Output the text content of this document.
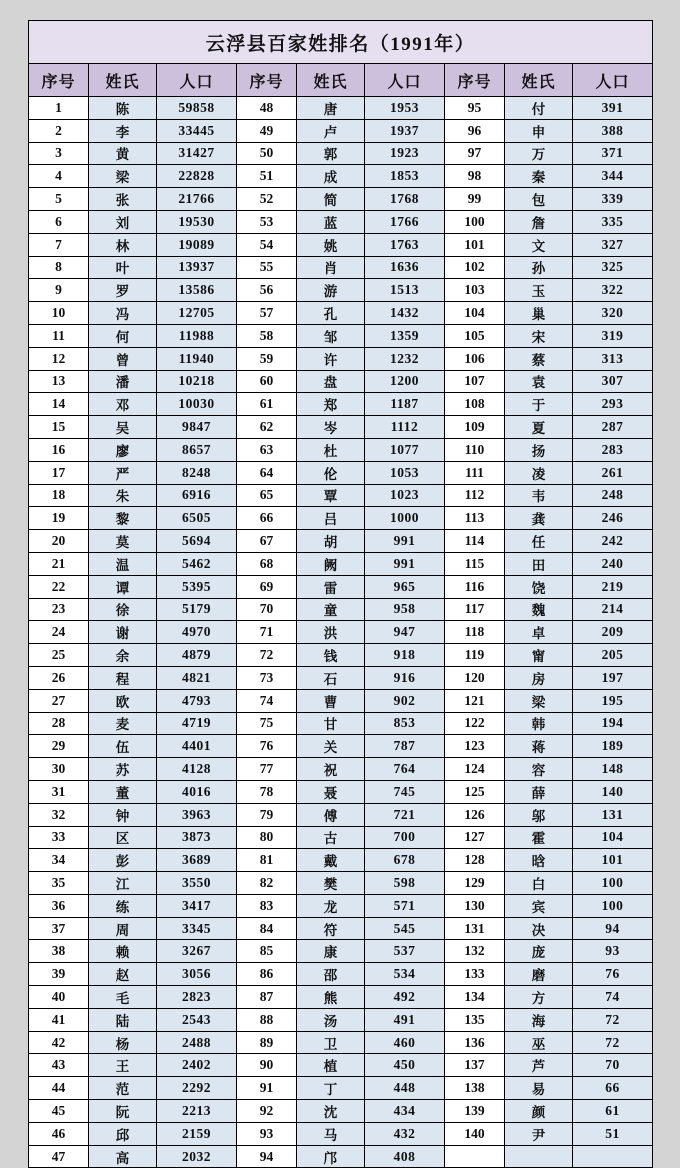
云浮县百家姓排名（1991年）								
序号	姓氏	人口	序号	姓氏	人口	序号	姓氏	人口
1	陈	59858	48	唐	1953	95	付	391
2	李	33445	49	卢	1937	96	申	388
3	黄	31427	50	郭	1923	97	万	371
4	梁	22828	51	成	1853	98	秦	344
5	张	21766	52	简	1768	99	包	339
6	刘	19530	53	蓝	1766	100	詹	335
7	林	19089	54	姚	1763	101	文	327
8	叶	13937	55	肖	1636	102	孙	325
9	罗	13586	56	游	1513	103	玉	322
10	冯	12705	57	孔	1432	104	巢	320
11	何	11988	58	邹	1359	105	宋	319
12	曾	11940	59	许	1232	106	蔡	313
13	潘	10218	60	盘	1200	107	袁	307
14	邓	10030	61	郑	1187	108	于	293
15	吴	9847	62	岑	1112	109	夏	287
16	廖	8657	63	杜	1077	110	扬	283
17	严	8248	64	伦	1053	111	凌	261
18	朱	6916	65	覃	1023	112	韦	248
19	黎	6505	66	吕	1000	113	龚	246
20	莫	5694	67	胡	991	114	任	242
21	温	5462	68	阙	991	115	田	240
22	谭	5395	69	雷	965	116	饶	219
23	徐	5179	70	童	958	117	魏	214
24	谢	4970	71	洪	947	118	卓	209
25	余	4879	72	钱	918	119	甯	205
26	程	4821	73	石	916	120	房	197
27	欧	4793	74	曹	902	121	梁	195
28	麦	4719	75	甘	853	122	韩	194
29	伍	4401	76	关	787	123	蒋	189
30	苏	4128	77	祝	764	124	容	148
31	董	4016	78	聂	745	125	薛	140
32	钟	3963	79	傅	721	126	邬	131
33	区	3873	80	古	700	127	霍	104
34	彭	3689	81	戴	678	128	晗	101
35	江	3550	82	樊	598	129	白	100
36	练	3417	83	龙	571	130	宾	100
37	周	3345	84	符	545	131	决	94
38	赖	3267	85	康	537	132	庞	93
39	赵	3056	86	邵	534	133	磨	76
40	毛	2823	87	熊	492	134	方	74
41	陆	2543	88	汤	491	135	海	72
42	杨	2488	89	卫	460	136	巫	72
43	王	2402	90	植	450	137	芦	70
44	范	2292	91	丁	448	138	易	66
45	阮	2213	92	沈	434	139	颜	61
46	邱	2159	93	马	432	140	尹	51
47	高	2032	94	邝	408			
